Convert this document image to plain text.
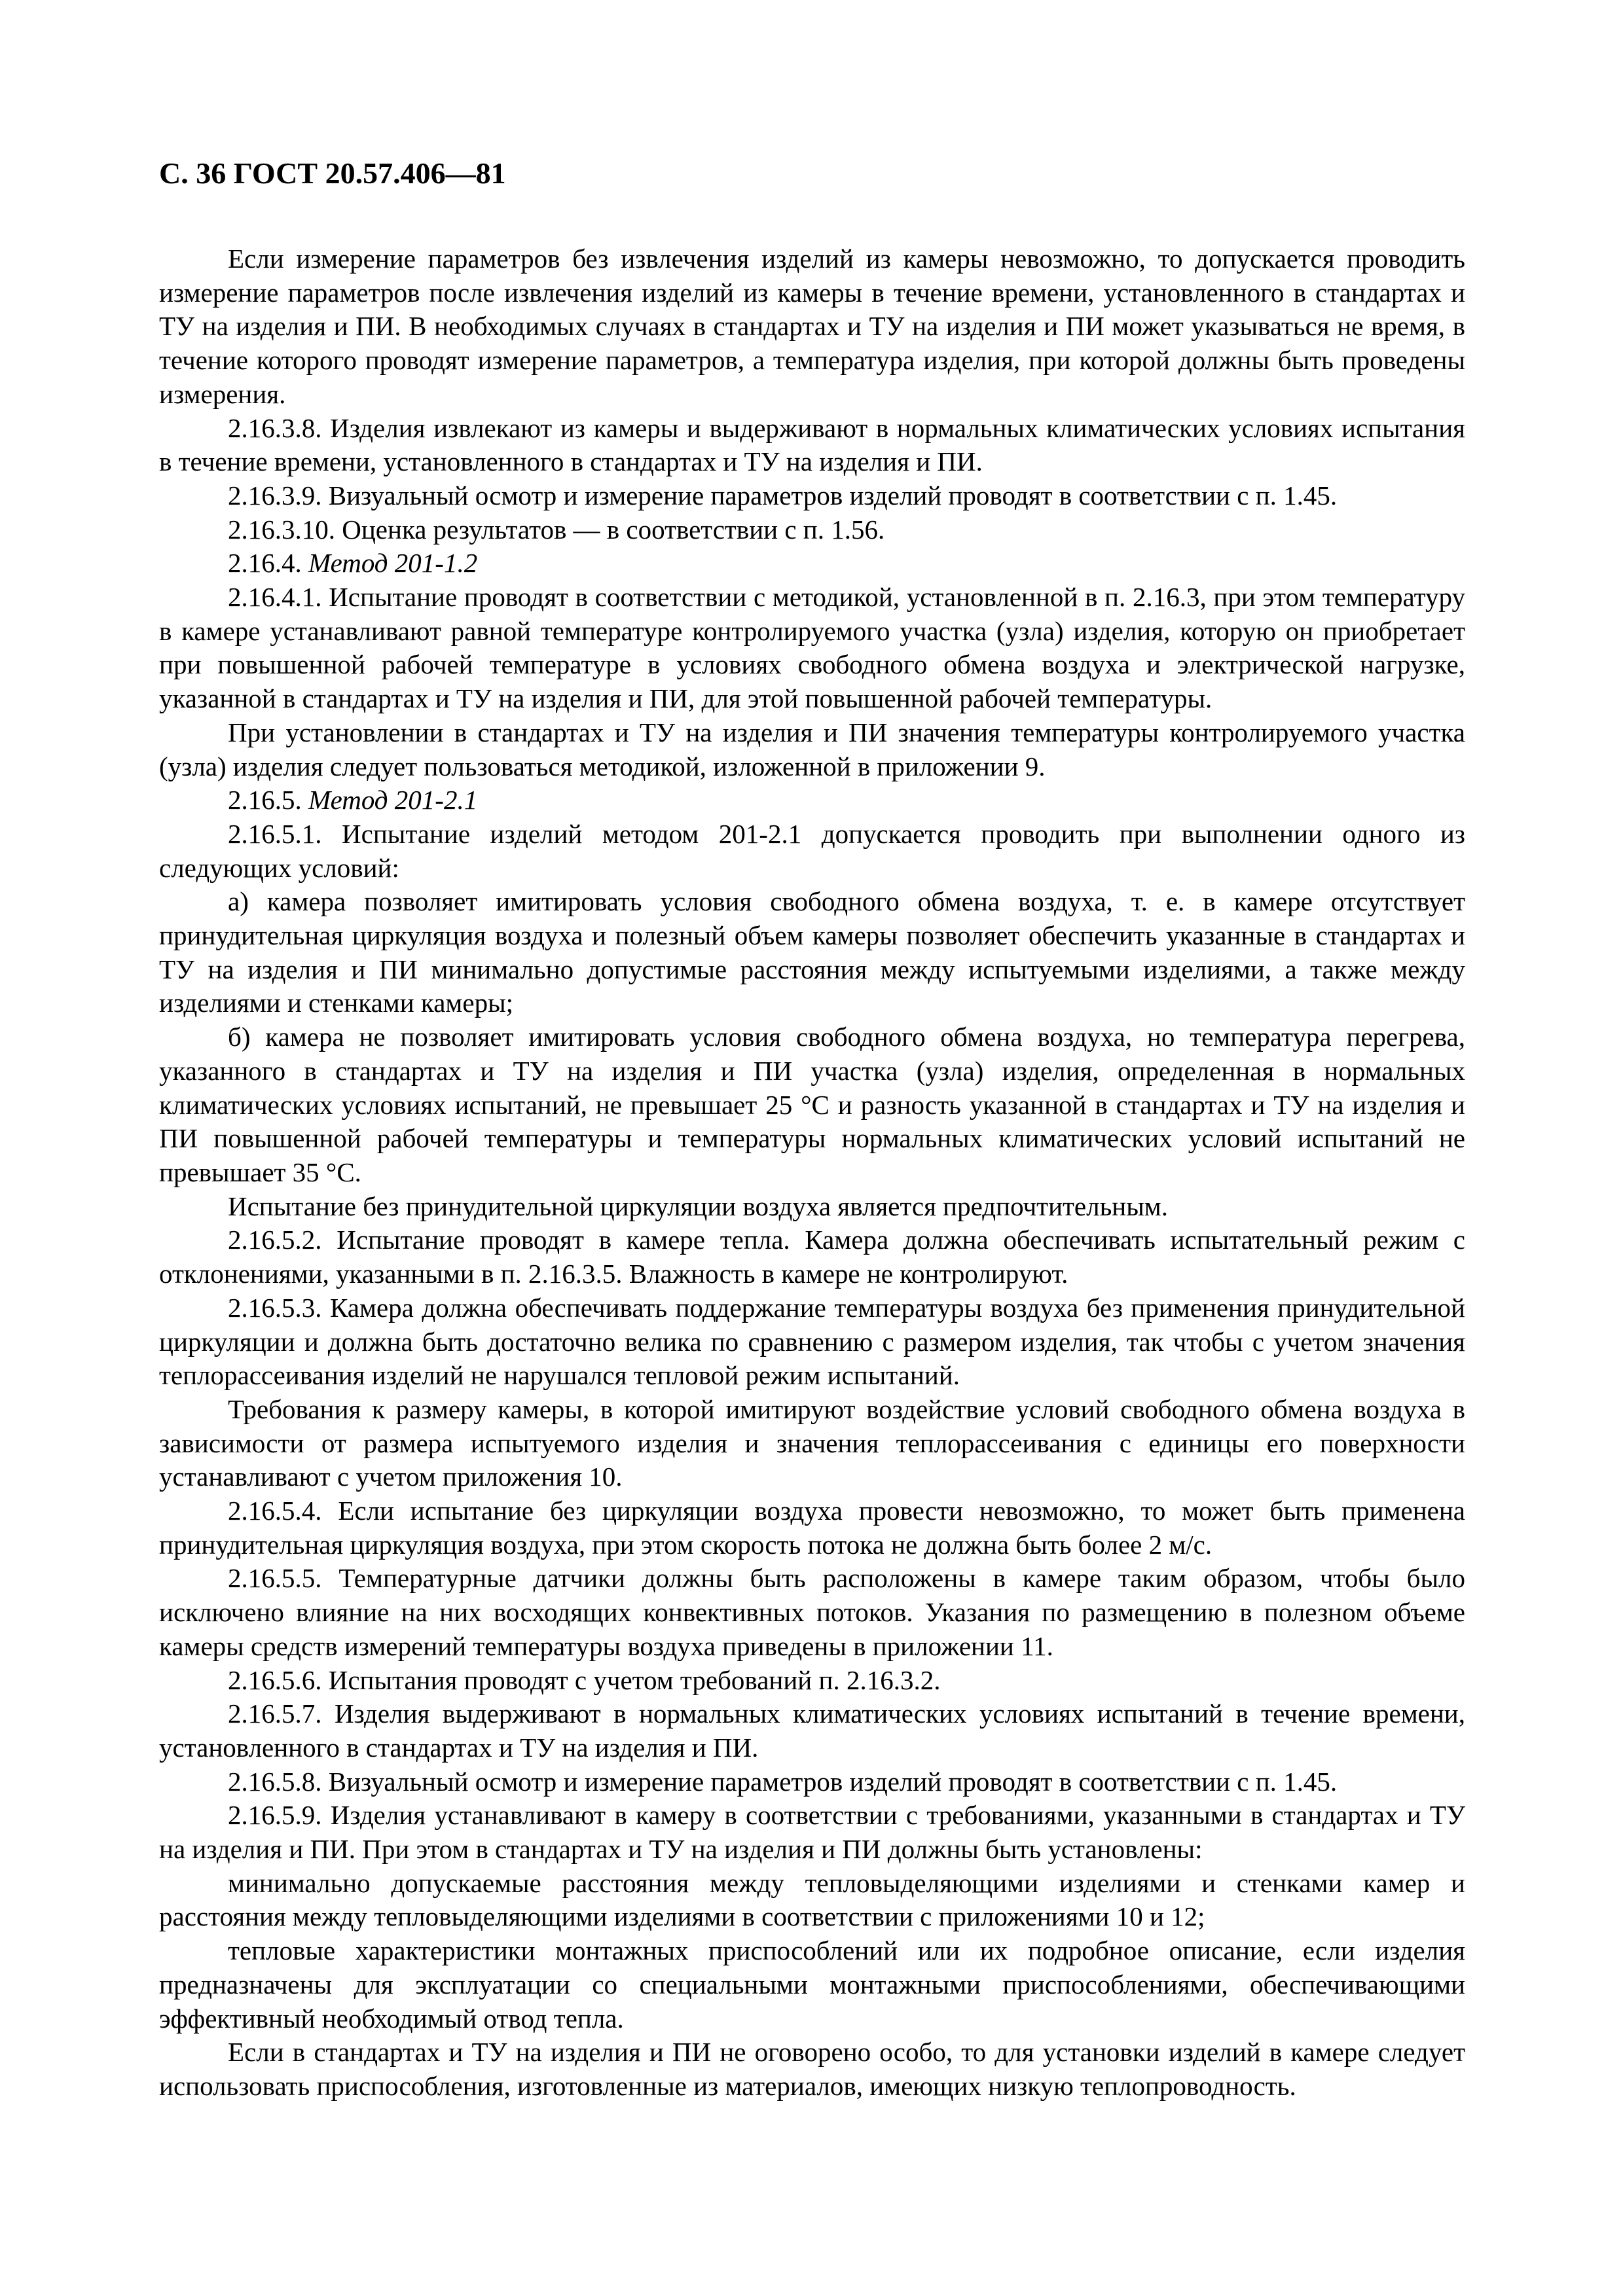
С. 36 ГОСТ 20.57.406—81

Если измерение параметров без извлечения изделий из камеры невозможно, то допускается проводить измерение параметров после извлечения изделий из камеры в течение времени, установленного в стандартах и ТУ на изделия и ПИ. В необходимых случаях в стандартах и ТУ на изделия и ПИ может указываться не время, в течение которого проводят измерение параметров, а температура изделия, при которой должны быть проведены измерения.

2.16.3.8. Изделия извлекают из камеры и выдерживают в нормальных климатических условиях испытания в течение времени, установленного в стандартах и ТУ на изделия и ПИ.

2.16.3.9. Визуальный осмотр и измерение параметров изделий проводят в соответствии с п. 1.45.

2.16.3.10. Оценка результатов — в соответствии с п. 1.56.

2.16.4. Метод 201-1.2

2.16.4.1. Испытание проводят в соответствии с методикой, установленной в п. 2.16.3, при этом температуру в камере устанавливают равной температуре контролируемого участка (узла) изделия, которую он приобретает при повышенной рабочей температуре в условиях свободного обмена воздуха и электрической нагрузке, указанной в стандартах и ТУ на изделия и ПИ, для этой повышенной рабочей температуры.

При установлении в стандартах и ТУ на изделия и ПИ значения температуры контролируемого участка (узла) изделия следует пользоваться методикой, изложенной в приложении 9.

2.16.5. Метод 201-2.1

2.16.5.1. Испытание изделий методом 201-2.1 допускается проводить при выполнении одного из следующих условий:

а) камера позволяет имитировать условия свободного обмена воздуха, т. е. в камере отсутствует принудительная циркуляция воздуха и полезный объем камеры позволяет обеспечить указанные в стандартах и ТУ на изделия и ПИ минимально допустимые расстояния между испытуемыми изделиями, а также между изделиями и стенками камеры;

б) камера не позволяет имитировать условия свободного обмена воздуха, но температура перегрева, указанного в стандартах и ТУ на изделия и ПИ участка (узла) изделия, определенная в нормальных климатических условиях испытаний, не превышает 25 °С и разность указанной в стандартах и ТУ на изделия и ПИ повышенной рабочей температуры и температуры нормальных климатических условий испытаний не превышает 35 °С.

Испытание без принудительной циркуляции воздуха является предпочтительным.

2.16.5.2. Испытание проводят в камере тепла. Камера должна обеспечивать испытательный режим с отклонениями, указанными в п. 2.16.3.5. Влажность в камере не контролируют.

2.16.5.3. Камера должна обеспечивать поддержание температуры воздуха без применения принудительной циркуляции и должна быть достаточно велика по сравнению с размером изделия, так чтобы с учетом значения теплорассеивания изделий не нарушался тепловой режим испытаний.

Требования к размеру камеры, в которой имитируют воздействие условий свободного обмена воздуха в зависимости от размера испытуемого изделия и значения теплорассеивания с единицы его поверхности устанавливают с учетом приложения 10.

2.16.5.4. Если испытание без циркуляции воздуха провести невозможно, то может быть применена принудительная циркуляция воздуха, при этом скорость потока не должна быть более 2 м/с.

2.16.5.5. Температурные датчики должны быть расположены в камере таким образом, чтобы было исключено влияние на них восходящих конвективных потоков. Указания по размещению в полезном объеме камеры средств измерений температуры воздуха приведены в приложении 11.

2.16.5.6. Испытания проводят с учетом требований п. 2.16.3.2.

2.16.5.7. Изделия выдерживают в нормальных климатических условиях испытаний в течение времени, установленного в стандартах и ТУ на изделия и ПИ.

2.16.5.8. Визуальный осмотр и измерение параметров изделий проводят в соответствии с п. 1.45.

2.16.5.9. Изделия устанавливают в камеру в соответствии с требованиями, указанными в стандартах и ТУ на изделия и ПИ. При этом в стандартах и ТУ на изделия и ПИ должны быть установлены:

минимально допускаемые расстояния между тепловыделяющими изделиями и стенками камер и расстояния между тепловыделяющими изделиями в соответствии с приложениями 10 и 12;

тепловые характеристики монтажных приспособлений или их подробное описание, если изделия предназначены для эксплуатации со специальными монтажными приспособлениями, обеспечивающими эффективный необходимый отвод тепла.

Если в стандартах и ТУ на изделия и ПИ не оговорено особо, то для установки изделий в камере следует использовать приспособления, изготовленные из материалов, имеющих низкую теплопроводность.
